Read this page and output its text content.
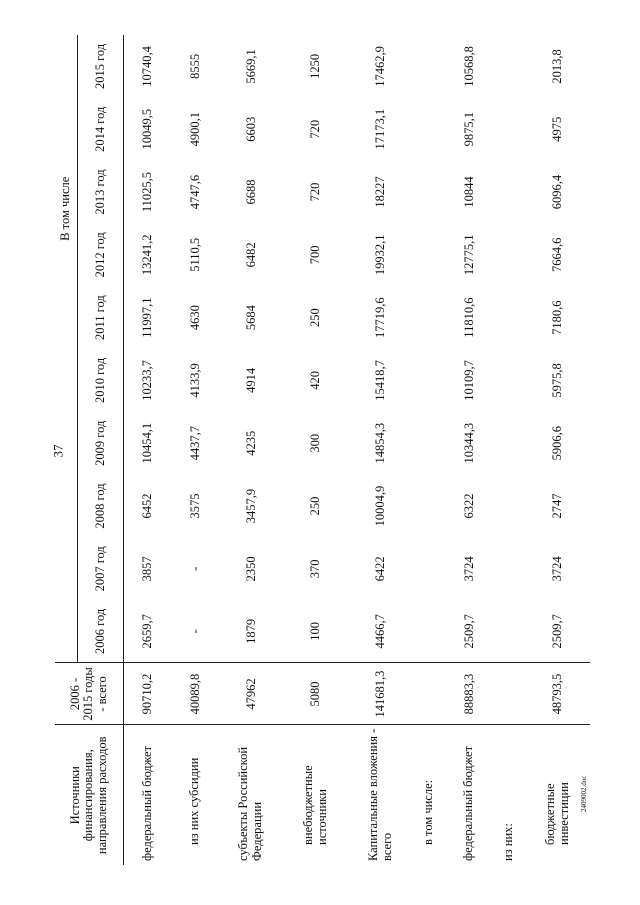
37
2409002.doc
Источники финансирования, направления расходов	2006 - 2015 годы - всего	В том числе									
		2006 год	2007 год	2008 год	2009 год	2010 год	2011 год	2012 год	2013 год	2014 год	2015 год
федеральный бюджет	90710,2	2659,7	3857	6452	10454,1	10233,7	11997,1	13241,2	11025,5	10049,5	10740,4
из них субсидии	40089,8	-	-	3575	4437,7	4133,9	4630	5110,5	4747,6	4900,1	8555
субъекты Российской Федерации	47962	1879	2350	3457,9	4235	4914	5684	6482	6688	6603	5669,1
внебюджетные источники	5080	100	370	250	300	420	250	700	720	720	1250
Капитальные вложения - всего	141681,3	4466,7	6422	10004,9	14854,3	15418,7	17719,6	19932,1	18227	17173,1	17462,9
в том числе:											
федеральный бюджет	88883,3	2509,7	3724	6322	10344,3	10109,7	11810,6	12775,1	10844	9875,1	10568,8
из них:											
бюджетные инвестиции	48793,5	2509,7	3724	2747	5906,6	5975,8	7180,6	7664,6	6096,4	4975	2013,8
